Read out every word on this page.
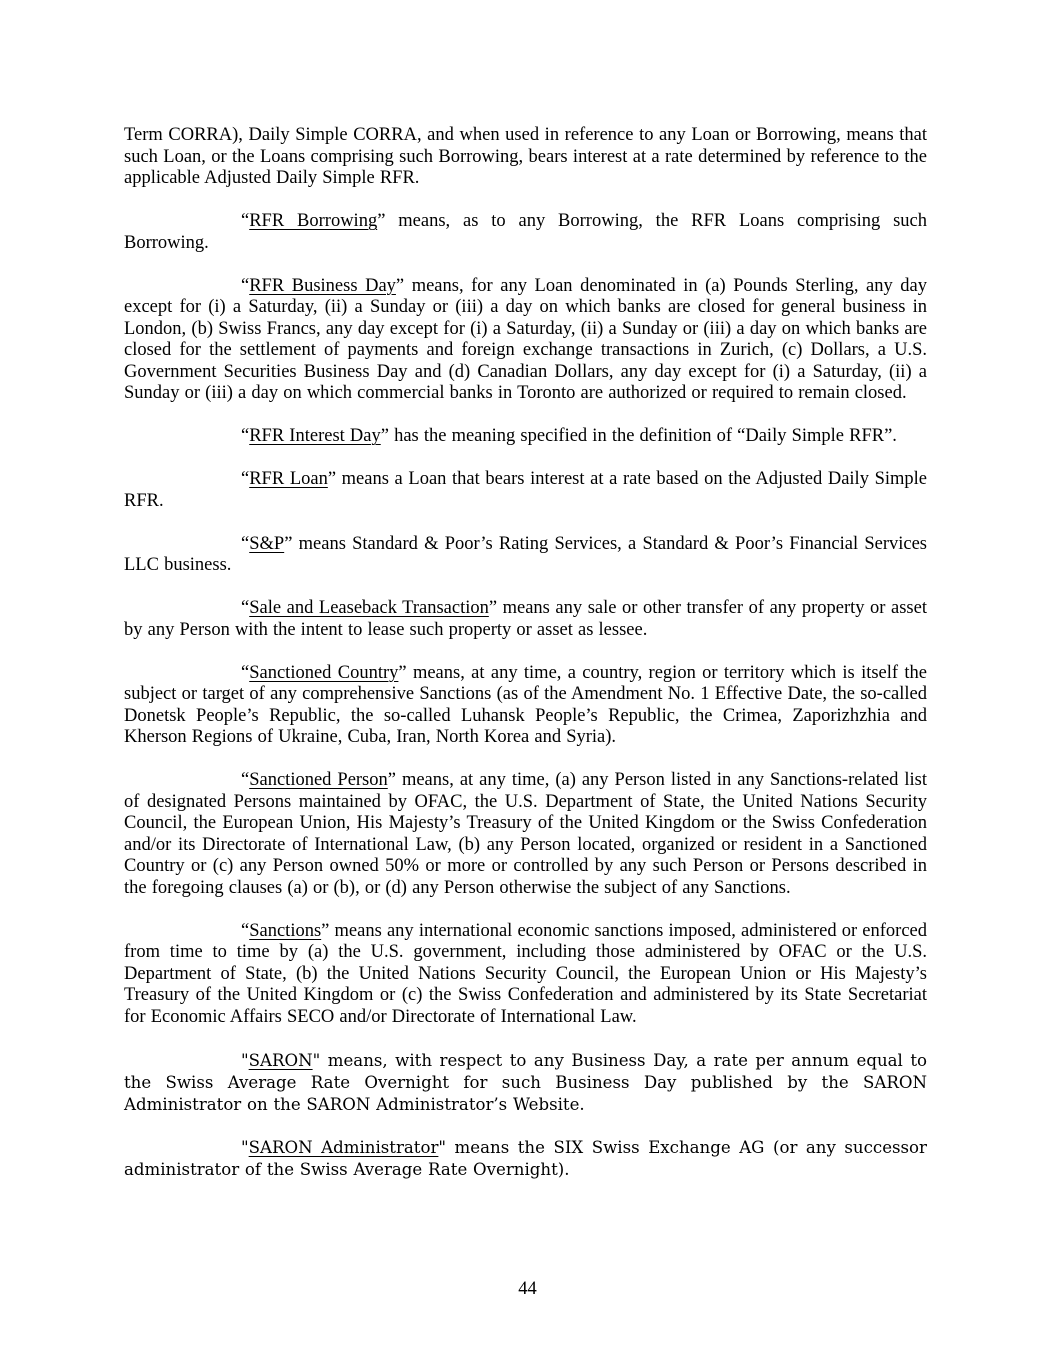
Term CORRA), Daily Simple CORRA, and when used in reference to any Loan or Borrowing, means that such Loan, or the Loans comprising such Borrowing, bears interest at a rate determined by reference to the applicable Adjusted Daily Simple RFR.

“RFR Borrowing” means, as to any Borrowing, the RFR Loans comprising such Borrowing.

“RFR Business Day” means, for any Loan denominated in (a) Pounds Sterling, any day except for (i) a Saturday, (ii) a Sunday or (iii) a day on which banks are closed for general business in London, (b) Swiss Francs, any day except for (i) a Saturday, (ii) a Sunday or (iii) a day on which banks are closed for the settlement of payments and foreign exchange transactions in Zurich, (c) Dollars, a U.S. Government Securities Business Day and (d) Canadian Dollars, any day except for (i) a Saturday, (ii) a Sunday or (iii) a day on which commercial banks in Toronto are authorized or required to remain closed.

“RFR Interest Day” has the meaning specified in the definition of “Daily Simple RFR”.

“RFR Loan” means a Loan that bears interest at a rate based on the Adjusted Daily Simple RFR.

“S&P” means Standard & Poor’s Rating Services, a Standard & Poor’s Financial Services LLC business.

“Sale and Leaseback Transaction” means any sale or other transfer of any property or asset by any Person with the intent to lease such property or asset as lessee.

“Sanctioned Country” means, at any time, a country, region or territory which is itself the subject or target of any comprehensive Sanctions (as of the Amendment No. 1 Effective Date, the so-called Donetsk People’s Republic, the so-called Luhansk People’s Republic, the Crimea, Zaporizhzhia and Kherson Regions of Ukraine, Cuba, Iran, North Korea and Syria).

“Sanctioned Person” means, at any time, (a) any Person listed in any Sanctions-related list of designated Persons maintained by OFAC, the U.S. Department of State, the United Nations Security Council, the European Union, His Majesty’s Treasury of the United Kingdom or the Swiss Confederation and/or its Directorate of International Law, (b) any Person located, organized or resident in a Sanctioned Country or (c) any Person owned 50% or more or controlled by any such Person or Persons described in the foregoing clauses (a) or (b), or (d) any Person otherwise the subject of any Sanctions.

“Sanctions” means any international economic sanctions imposed, administered or enforced from time to time by (a) the U.S. government, including those administered by OFAC or the U.S. Department of State, (b) the United Nations Security Council, the European Union or His Majesty’s Treasury of the United Kingdom or (c) the Swiss Confederation and administered by its State Secretariat for Economic Affairs SECO and/or Directorate of International Law.

"SARON" means, with respect to any Business Day, a rate per annum equal to the Swiss Average Rate Overnight for such Business Day published by the SARON Administrator on the SARON Administrator’s Website.

"SARON Administrator" means the SIX Swiss Exchange AG (or any successor administrator of the Swiss Average Rate Overnight).

44
